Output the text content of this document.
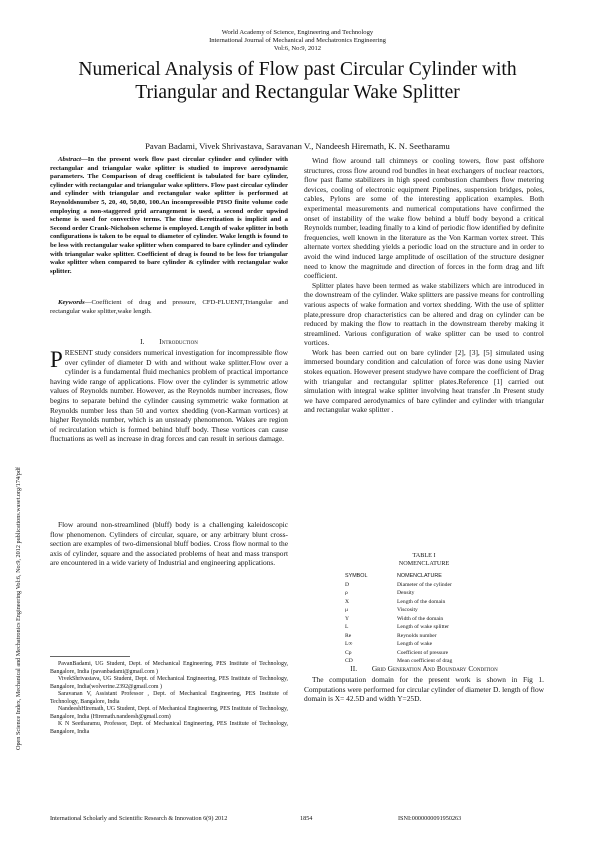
World Academy of Science, Engineering and Technology
International Journal of Mechanical and Mechatronics Engineering
Vol:6, No:9, 2012
Numerical Analysis of Flow past Circular Cylinder with Triangular and Rectangular Wake Splitter
Pavan Badami, Vivek Shrivastava, Saravanan V., Nandeesh Hiremath, K. N. Seetharamu

Abstract—In the present work flow past circular cylinder and cylinder with rectangular and triangular wake splitter is studied to improve aerodynamic parameters. The Comparison of drag coefficient is tabulated for bare cylinder, cylinder with rectangular and triangular wake splitters. Flow past circular cylinder and cylinder with triangular and rectangular wake splitter is performed at Reynoldsnumber 5, 20, 40, 50,80, 100.An incompressible PISO finite volume code employing a non-staggered grid arrangement is used, a second order upwind scheme is used for convective terms. The time discretization is implicit and a Second order Crank-Nicholson scheme is employed. Length of wake splitter in both configurations is taken to be equal to diameter of cylinder. Wake length is found to be less with rectangular wake splitter when compared to bare cylinder and cylinder with triangular wake splitter. Coefficient of drag is found to be less for triangular wake splitter when compared to bare cylinder & cylinder with rectangular wake splitter.

Keywords—Coefficient of drag and pressure, CFD-FLUENT,Triangular and rectangular wake splitter,wake length.

I.   Introduction

PRESENT study considers numerical investigation for incompressible flow over cylinder of diameter D with and without wake splitter.Flow over a cylinder is a fundamental fluid mechanics problem of practical importance having wide range of applications. Flow over the cylinder is symmetric atlow values of Reynolds number. However, as the Reynolds number increases, flow begins to separate behind the cylinder causing symmetric wake formation at Reynolds number less than 50 and vortex shedding (von-Karman vortices) at higher Reynolds number, which is an unsteady phenomenon. Wakes are region of recirculation which is formed behind bluff body. These vortices can cause fluctuations as well as increase in drag forces and can result in serious damage.

Flow around non-streamlined (bluff) body is a challenging kaleidoscopic flow phenomenon. Cylinders of circular, square, or any arbitrary blunt cross-section are examples of two-dimensional bluff bodies. Cross flow normal to the axis of cylinder, square and the associated problems of heat and mass transport are encountered in a wide variety of Industrial and engineering applications.

PavanBadami, UG Student, Dept. of Mechanical Engineering, PES Institute of Technology, Bangalore, India (pavanbadami@gmail.com )

VivekShrivastava, UG Student, Dept. of Mechanical Engineering, PES Institute of Technology, Bangalore, India(wolverine.2392@gmail.com )

Saravanan V, Assistant Professor , Dept. of Mechanical Engineering, PES Institute of Technology, Bangalore, India

NandeeshHiremath, UG Student, Dept. of Mechanical Engineering, PES Institute of Technology, Bangalore, India (Hiremath.nandeesh@gmail.com)

K N Seetharamu, Professor, Dept. of Mechanical Engineering, PES Institute of Technology, Bangalore, India

Wind flow around tall chimneys or cooling towers, flow past offshore structures, cross flow around rod bundles in heat exchangers of nuclear reactors, flow past flame stabilizers in high speed combustion chambers flow metering devices, cooling of electronic equipment Pipelines, suspension bridges, poles, cables, Pylons are some of the interesting application examples. Both experimental measurements and numerical computations have confirmed the onset of instability of the wake flow behind a bluff body beyond a critical Reynolds number, leading finally to a kind of periodic flow identified by definite frequencies, well known in the literature as the Von Karman vortex street. This alternate vortex shedding yields a periodic load on the structure and in order to avoid the wind induced large amplitude of oscillation of the structure designer need to know the magnitude and direction of forces in the form drag and lift coefficient.

Splitter plates have been termed as wake stabilizers which are introduced in the downstream of the cylinder. Wake splitters are passive means for controlling various aspects of wake formation and vortex shedding. With the use of splitter plate,pressure drop characteristics can be altered and drag on cylinder can be reduced by making the flow to reattach in the downstream thereby making it streamlined. Various configuration of wake splitter can be used to control vortices.

Work has been carried out on bare cylinder [2], [3], [5] simulated using immersed boundary condition and calculation of force was done using Navier stokes equation. However present studywe have compare the coefficient of Drag with triangular and rectangular splitter plates.Reference [1] carried out simulation with integral wake splitter involving heat transfer .In Present study we have compared aerodynamics of bare cylinder and cylinder with triangular and rectangular wake splitter .

TABLE I
NOMENCLATURE
SYMBOL	NOMENCLATURE
D	Diameter of the cylinder
ρ	Density
X	Length of the domain
μ	Viscosity
Y	Width of the domain
L	Length of wake splitter
Re	Reynolds number
L∞	Length of wake
Cp	Coefficient of pressure
CD	Mean coefficient of drag
II.   Grid Generation And Boundary Condition

The computation domain for the present work is shown in Fig 1. Computations were performed for circular cylinder of diameter D. length of flow domain is X= 42.5D and width Y=25D.

International Scholarly and Scientific Research & Innovation 6(9) 2012	1854	ISNI:0000000091950263
Open Science Index, Mechanical and Mechatronics Engineering Vol:6, No:9, 2012 publications.waset.org/174/pdf
